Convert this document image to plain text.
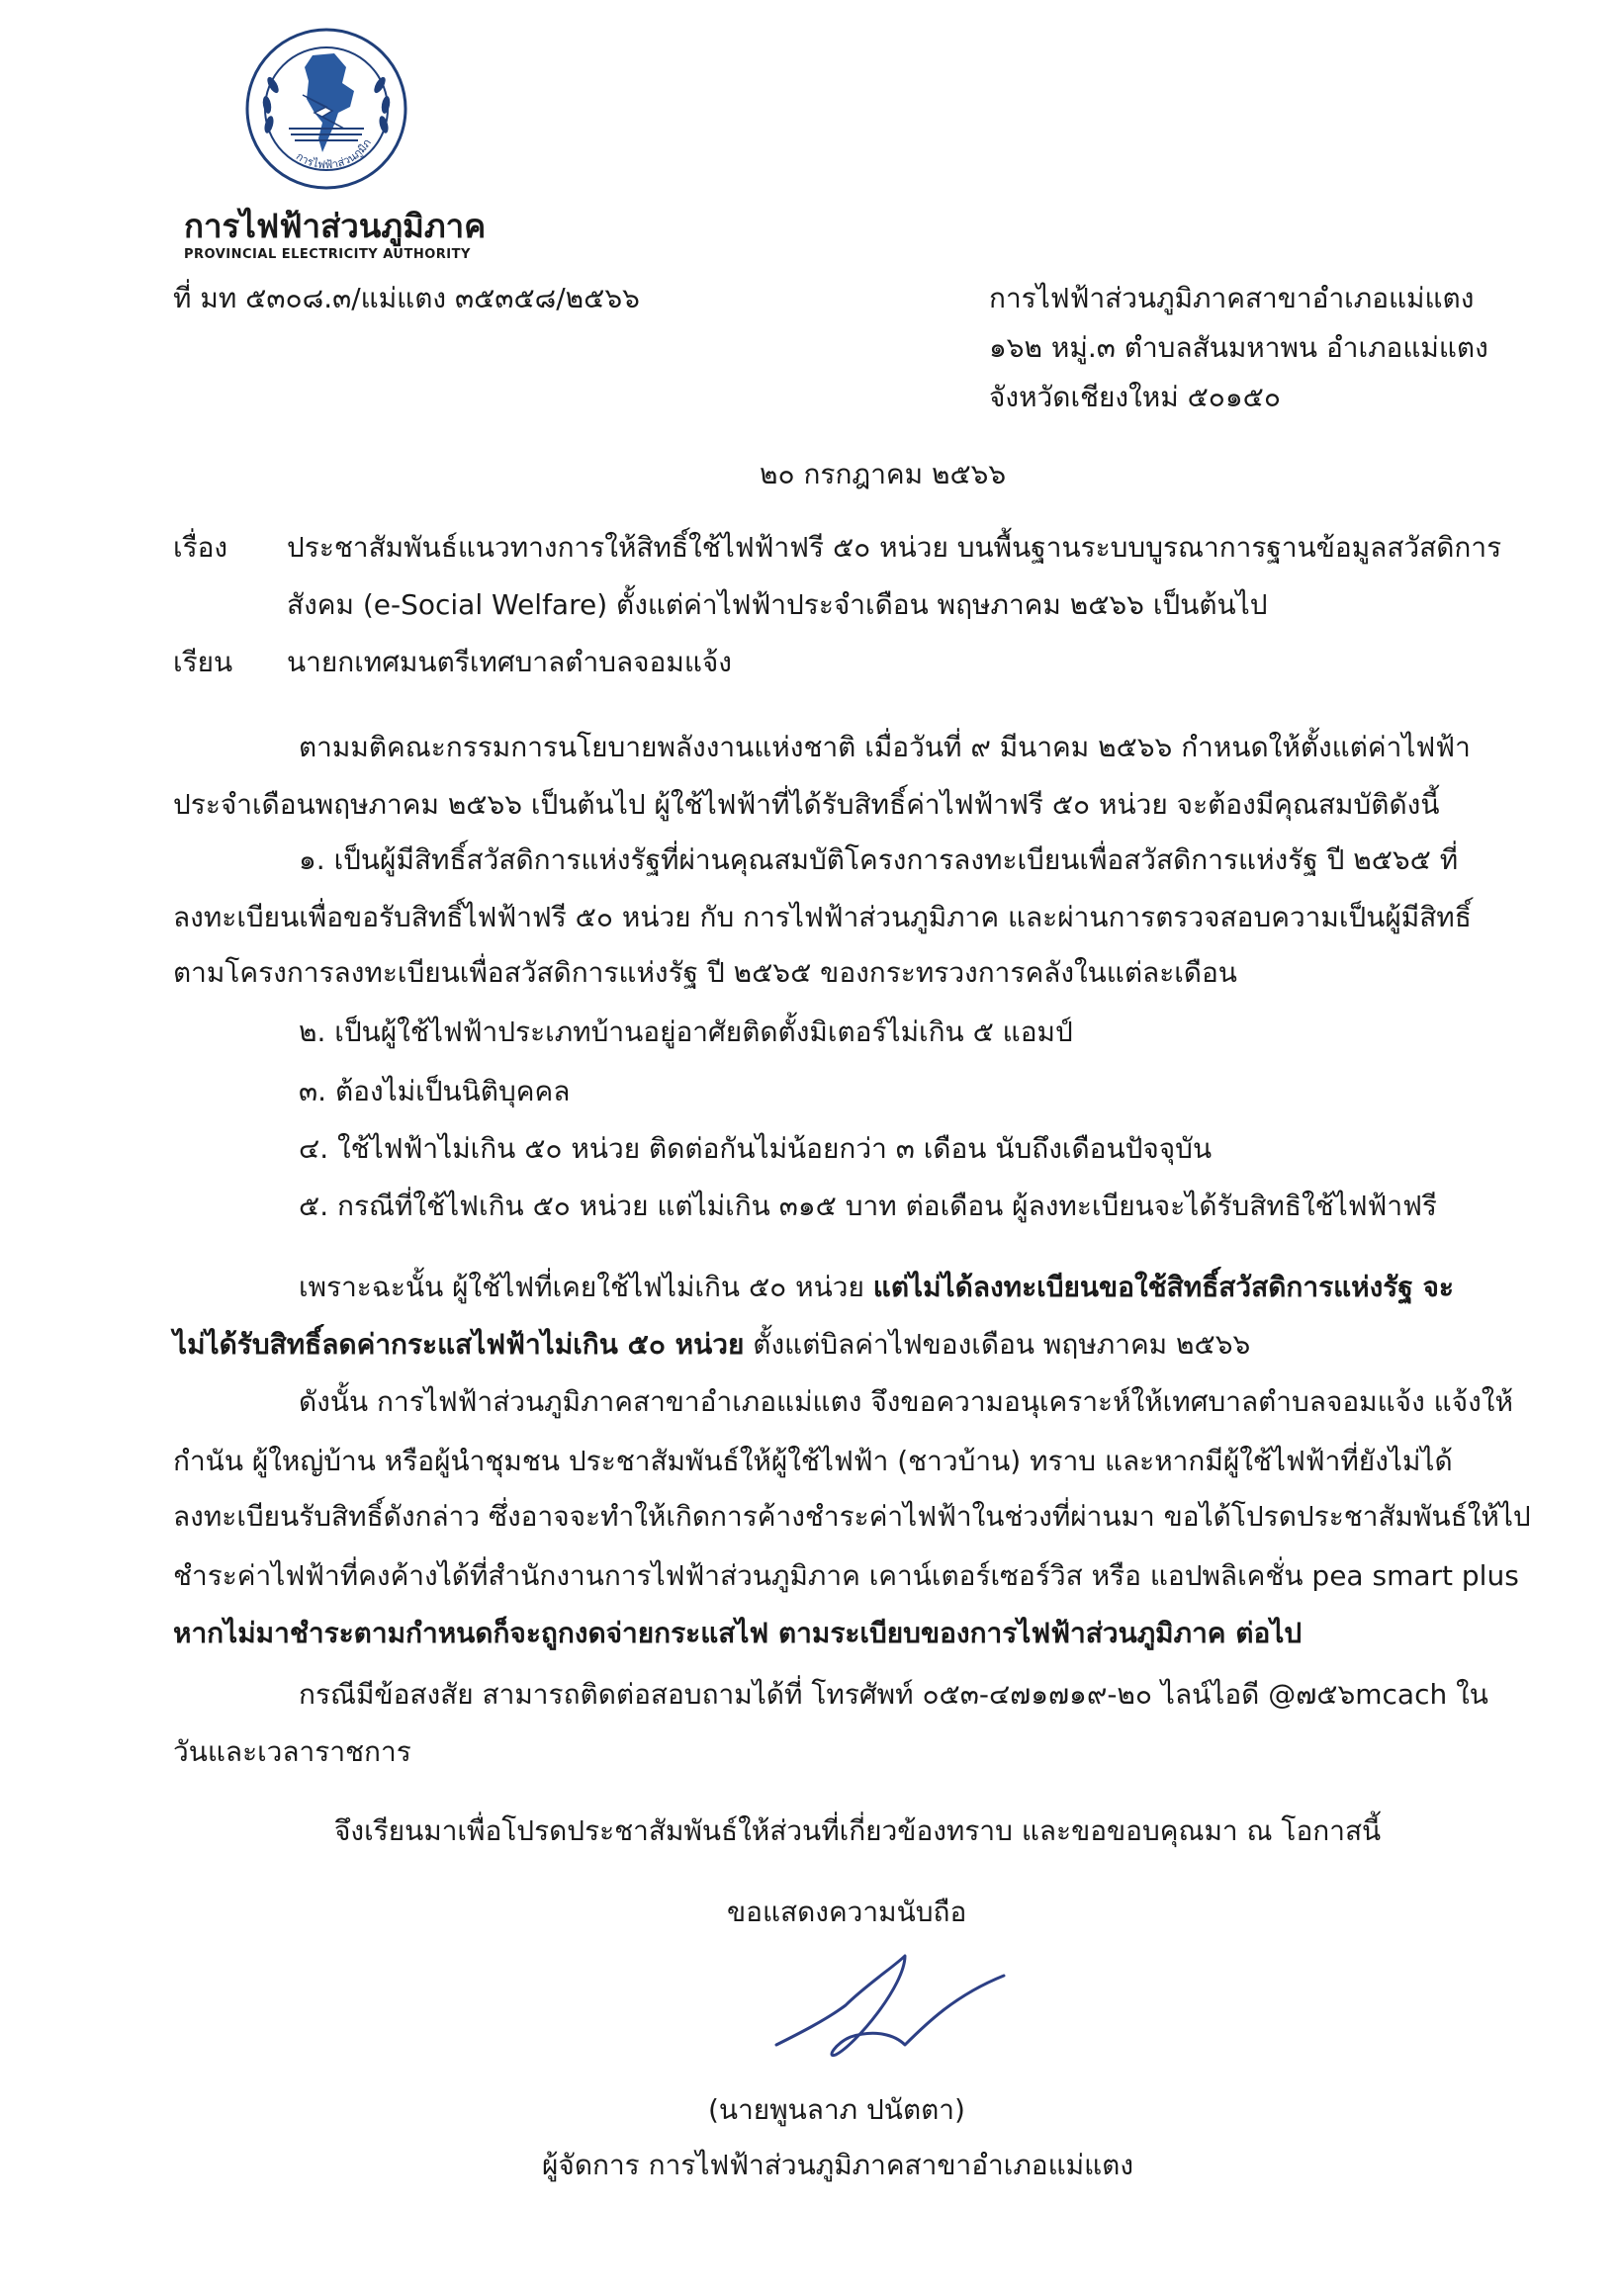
การไฟฟ้าส่วนภูมิภ
การไฟฟ้าส่วนภูมิภาค
PROVINCIAL ELECTRICITY AUTHORITY
ที่ มท ๕๓๐๘.๓/แม่แตง ๓๕๓๕๘/๒๕๖๖	การไฟฟ้าส่วนภูมิภาคสาขาอำเภอแม่แตง
๑๖๒ หมู่.๓ ตำบลสันมหาพน อำเภอแม่แตง
จังหวัดเชียงใหม่ ๕๐๑๕๐
๒๐ กรกฎาคม ๒๕๖๖
เรื่อง ประชาสัมพันธ์แนวทางการให้สิทธิ์ใช้ไฟฟ้าฟรี ๕๐ หน่วย บนพื้นฐานระบบบูรณาการฐานข้อมูลสวัสดิการ
สังคม (e-Social Welfare) ตั้งแต่ค่าไฟฟ้าประจำเดือน พฤษภาคม ๒๕๖๖ เป็นต้นไป
เรียน นายกเทศมนตรีเทศบาลตำบลจอมแจ้ง
ตามมติคณะกรรมการนโยบายพลังงานแห่งชาติ เมื่อวันที่ ๙ มีนาคม ๒๕๖๖ กำหนดให้ตั้งแต่ค่าไฟฟ้า
ประจำเดือนพฤษภาคม ๒๕๖๖ เป็นต้นไป ผู้ใช้ไฟฟ้าที่ได้รับสิทธิ์ค่าไฟฟ้าฟรี ๕๐ หน่วย จะต้องมีคุณสมบัติดังนี้
๑. เป็นผู้มีสิทธิ์สวัสดิการแห่งรัฐที่ผ่านคุณสมบัติโครงการลงทะเบียนเพื่อสวัสดิการแห่งรัฐ ปี ๒๕๖๕ ที่
ลงทะเบียนเพื่อขอรับสิทธิ์ไฟฟ้าฟรี ๕๐ หน่วย กับ การไฟฟ้าส่วนภูมิภาค และผ่านการตรวจสอบความเป็นผู้มีสิทธิ์
ตามโครงการลงทะเบียนเพื่อสวัสดิการแห่งรัฐ ปี ๒๕๖๕ ของกระทรวงการคลังในแต่ละเดือน
๒. เป็นผู้ใช้ไฟฟ้าประเภทบ้านอยู่อาศัยติดตั้งมิเตอร์ไม่เกิน ๕ แอมป์
๓. ต้องไม่เป็นนิติบุคคล
๔. ใช้ไฟฟ้าไม่เกิน ๕๐ หน่วย ติดต่อกันไม่น้อยกว่า ๓ เดือน นับถึงเดือนปัจจุบัน
๕. กรณีที่ใช้ไฟเกิน ๕๐ หน่วย แต่ไม่เกิน ๓๑๕ บาท ต่อเดือน ผู้ลงทะเบียนจะได้รับสิทธิใช้ไฟฟ้าฟรี
เพราะฉะนั้น ผู้ใช้ไฟที่เคยใช้ไฟไม่เกิน ๕๐ หน่วย แต่ไม่ได้ลงทะเบียนขอใช้สิทธิ์สวัสดิการแห่งรัฐ จะ
ไม่ได้รับสิทธิ์ลดค่ากระแสไฟฟ้าไม่เกิน ๕๐ หน่วย ตั้งแต่บิลค่าไฟของเดือน พฤษภาคม ๒๕๖๖
ดังนั้น การไฟฟ้าส่วนภูมิภาคสาขาอำเภอแม่แตง จึงขอความอนุเคราะห์ให้เทศบาลตำบลจอมแจ้ง แจ้งให้
กำนัน ผู้ใหญ่บ้าน หรือผู้นำชุมชน ประชาสัมพันธ์ให้ผู้ใช้ไฟฟ้า (ชาวบ้าน) ทราบ และหากมีผู้ใช้ไฟฟ้าที่ยังไม่ได้
ลงทะเบียนรับสิทธิ์ดังกล่าว ซึ่งอาจจะทำให้เกิดการค้างชำระค่าไฟฟ้าในช่วงที่ผ่านมา ขอได้โปรดประชาสัมพันธ์ให้ไป
ชำระค่าไฟฟ้าที่คงค้างได้ที่สำนักงานการไฟฟ้าส่วนภูมิภาค เคาน์เตอร์เซอร์วิส หรือ แอปพลิเคชั่น pea smart plus
หากไม่มาชำระตามกำหนดก็จะถูกงดจ่ายกระแสไฟ ตามระเบียบของการไฟฟ้าส่วนภูมิภาค ต่อไป
กรณีมีข้อสงสัย สามารถติดต่อสอบถามได้ที่ โทรศัพท์ ๐๕๓-๔๗๑๗๑๙-๒๐ ไลน์ไอดี @๗๕๖mcach ใน
วันและเวลาราชการ
จึงเรียนมาเพื่อโปรดประชาสัมพันธ์ให้ส่วนที่เกี่ยวข้องทราบ และขอขอบคุณมา ณ โอกาสนี้
ขอแสดงความนับถือ
(นายพูนลาภ ปนัตตา)
ผู้จัดการ การไฟฟ้าส่วนภูมิภาคสาขาอำเภอแม่แตง
